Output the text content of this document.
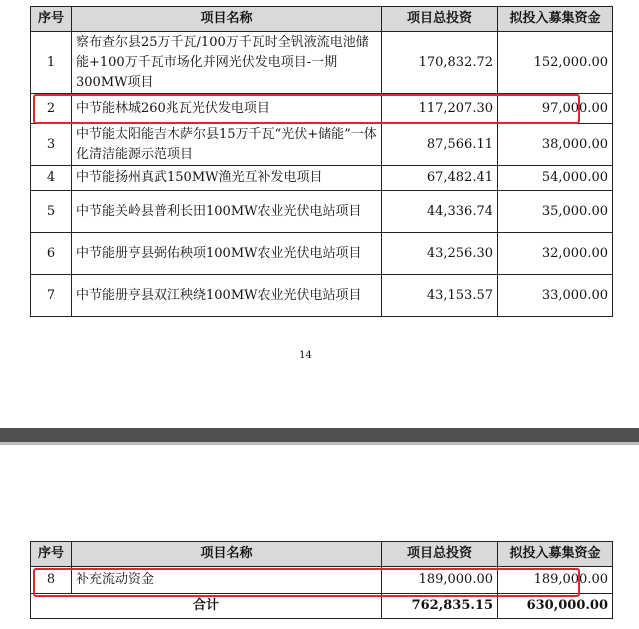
序号	项目名称	项目总投资	拟投入募集资金
1	察布查尔县25万千瓦/100万千瓦时全钒液流电池储能+100万千瓦市场化并网光伏发电项目-一期300MW项目	170,832.72	152,000.00
2	中节能林城260兆瓦光伏发电项目	117,207.30	97,000.00
3	中节能太阳能吉木萨尔县15万千瓦“光伏+储能”一体化清洁能源示范项目	87,566.11	38,000.00
4	中节能扬州真武150MW渔光互补发电项目	67,482.41	54,000.00
5	中节能关岭县普利长田100MW农业光伏电站项目	44,336.74	35,000.00
6	中节能册亨县弼佑秧项100MW农业光伏电站项目	43,256.30	32,000.00
7	中节能册亨县双江秧绕100MW农业光伏电站项目	43,153.57	33,000.00
14
序号	项目名称	项目总投资	拟投入募集资金
8	补充流动资金	189,000.00	189,000.00
合计		762,835.15	630,000.00
